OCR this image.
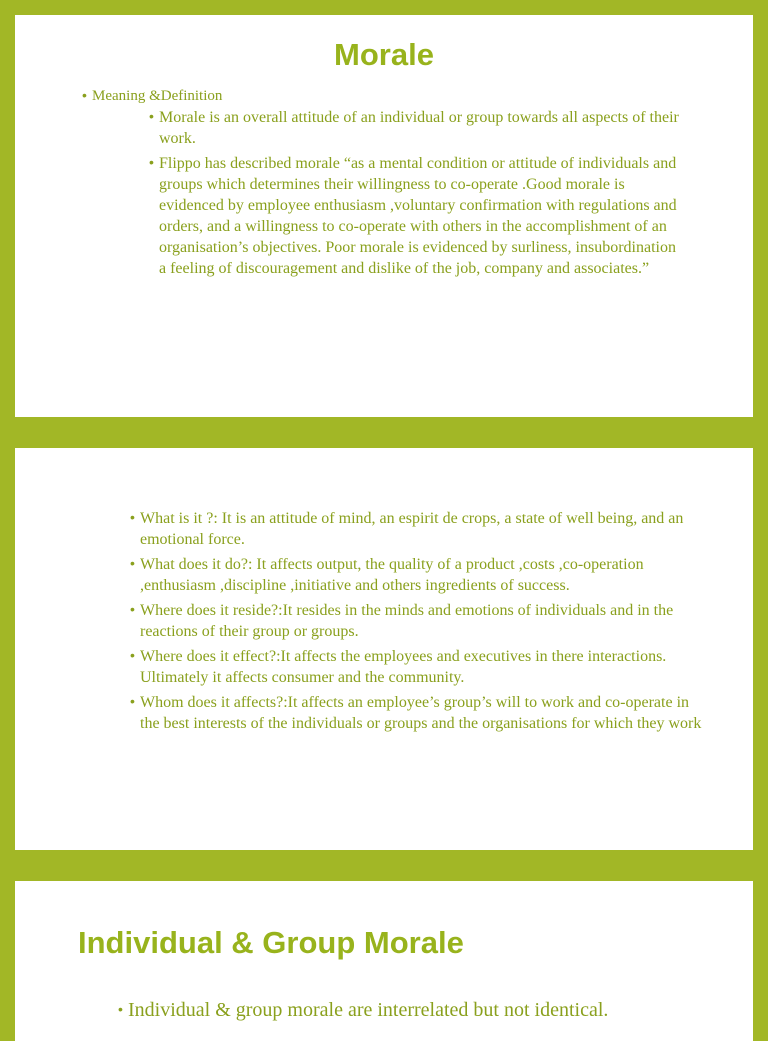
Morale
• Meaning &Definition
• Morale is an overall attitude of an individual or group towards all aspects of their work.
• Flippo has described morale “as a mental condition or attitude of individuals and groups which determines their willingness to co-operate .Good morale is evidenced by employee enthusiasm ,voluntary confirmation with regulations and orders, and a willingness to co-operate with others in the accomplishment of an organisation’s objectives. Poor morale is evidenced by surliness, insubordination a feeling of discouragement and dislike of the job, company and associates.”
• What is it ?: It is an attitude of mind, an espirit de crops, a state of well being, and an emotional force.
• What does it do?: It affects output, the quality of a product ,costs ,co-operation ,enthusiasm ,discipline ,initiative and others ingredients of success.
• Where does it reside?:It resides in the minds and emotions of individuals and in the reactions of their group or groups.
• Where does it effect?:It affects the employees and executives in there interactions. Ultimately it affects consumer and the community.
• Whom does it affects?:It affects an employee’s group’s will to work and co-operate in the best interests of the individuals or groups and the organisations for which they work
Individual & Group Morale
• Individual & group morale are interrelated but not identical.
